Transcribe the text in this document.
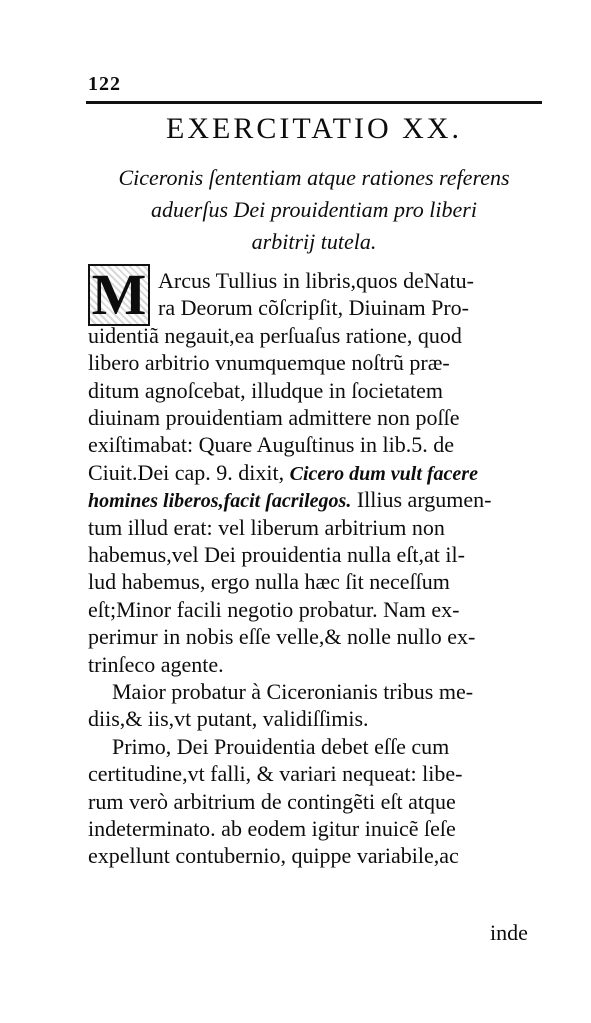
122
EXERCITATIO XX.
Ciceronis ſententiam atque rationes referens
aduerſus Dei prouidentiam pro liberi
arbitrij tutela.
M Arcus Tullius in libris,quos deNatu-
ra Deorum cõſcripſit, Diuinam Pro-
uidentiã negauit,ea perſuaſus ratione, quod
libero arbitrio vnumquemque noſtrũ præ-
ditum agnoſcebat, illudque in ſocietatem
diuinam prouidentiam admittere non poſſe
exiſtimabat: Quare Auguſtinus in lib.5. de
Ciuit.Dei cap. 9. dixit, Cicero dum vult facere
homines liberos,facit ſacrilegos. Illius argumen-
tum illud erat: vel liberum arbitrium non
habemus,vel Dei prouidentia nulla eſt,at il-
lud habemus, ergo nulla hæc ſit neceſſum
eſt;Minor facili negotio probatur. Nam ex-
perimur in nobis eſſe velle,& nolle nullo ex-
trinſeco agente.
Maior probatur à Ciceronianis tribus me-
diis,& iis,vt putant, validiſſimis.
Primo, Dei Prouidentia debet eſſe cum
certitudine,vt falli, & variari nequeat: libe-
rum verò arbitrium de contingẽti eſt atque
indeterminato. ab eodem igitur inuicẽ ſeſe
expellunt contubernio, quippe variabile,ac
inde
